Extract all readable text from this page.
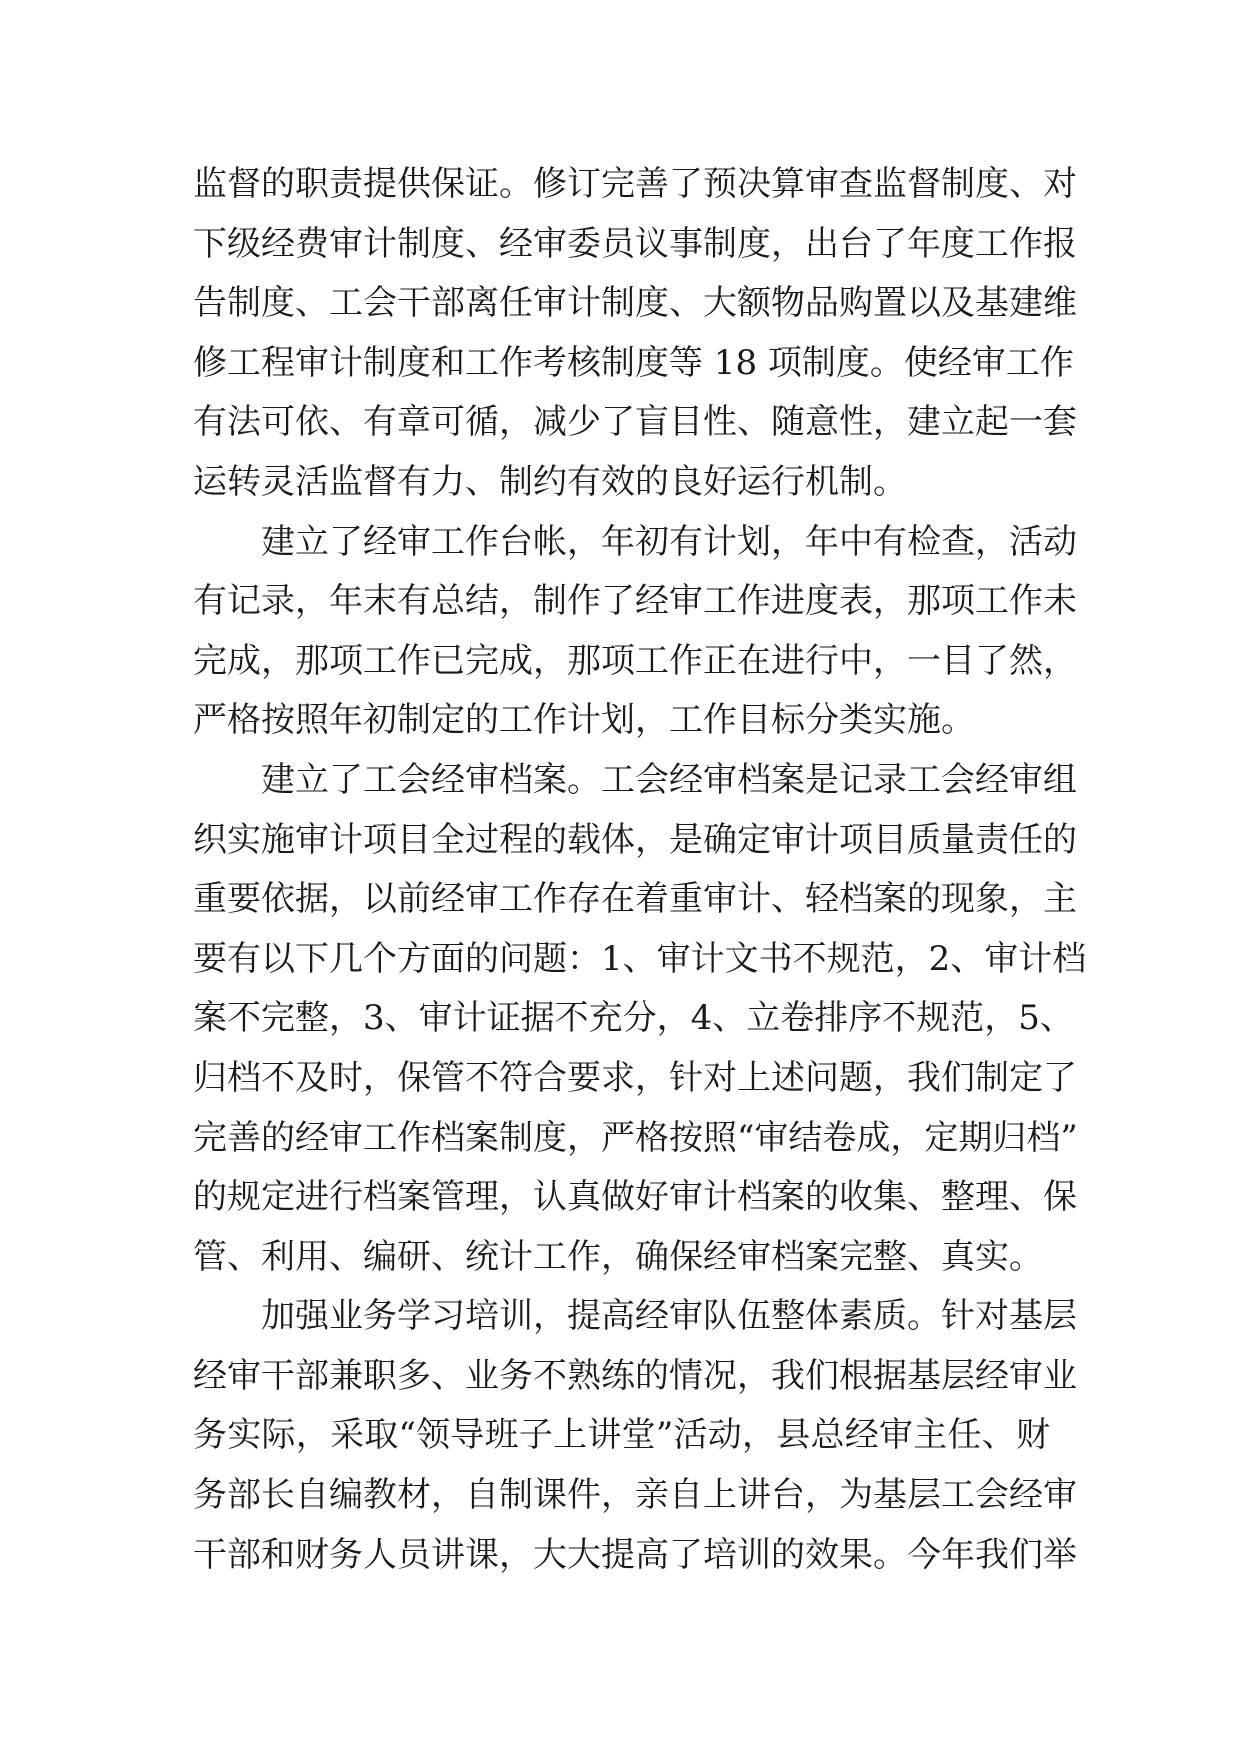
监督的职责提供保证。修订完善了预决算审查监督制度、对
下级经费审计制度、经审委员议事制度，出台了年度工作报
告制度、工会干部离任审计制度、大额物品购置以及基建维
修工程审计制度和工作考核制度等 18 项制度。使经审工作
有法可依、有章可循，减少了盲目性、随意性，建立起一套
运转灵活监督有力、制约有效的良好运行机制。
建立了经审工作台帐，年初有计划，年中有检查，活动
有记录，年末有总结，制作了经审工作进度表，那项工作未
完成，那项工作已完成，那项工作正在进行中，一目了然，
严格按照年初制定的工作计划，工作目标分类实施。
建立了工会经审档案。工会经审档案是记录工会经审组
织实施审计项目全过程的载体，是确定审计项目质量责任的
重要依据，以前经审工作存在着重审计、轻档案的现象，主
要有以下几个方面的问题：1、审计文书不规范，2、审计档
案不完整，3、审计证据不充分，4、立卷排序不规范，5、
归档不及时，保管不符合要求，针对上述问题，我们制定了
完善的经审工作档案制度，严格按照“审结卷成，定期归档”
的规定进行档案管理，认真做好审计档案的收集、整理、保
管、利用、编研、统计工作，确保经审档案完整、真实。
加强业务学习培训，提高经审队伍整体素质。针对基层
经审干部兼职多、业务不熟练的情况，我们根据基层经审业
务实际，采取“领导班子上讲堂”活动，县总经审主任、财
务部长自编教材，自制课件，亲自上讲台，为基层工会经审
干部和财务人员讲课，大大提高了培训的效果。今年我们举
